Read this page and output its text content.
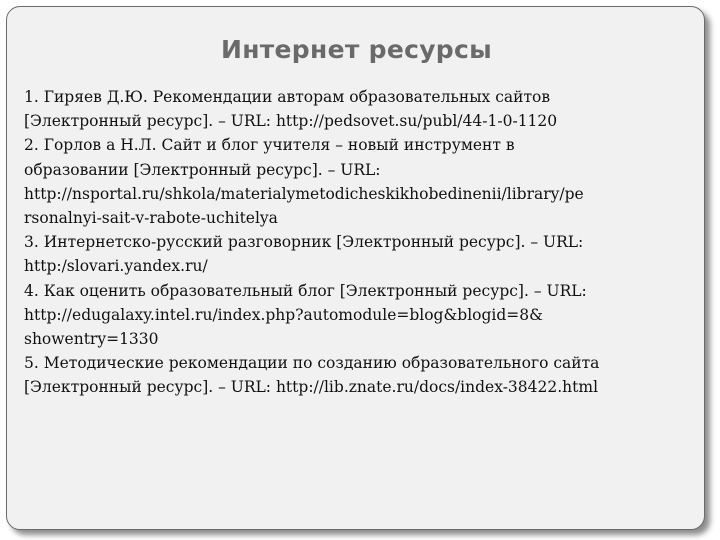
Интернет ресурсы
1. Гиряев Д.Ю. Рекомендации авторам образовательных сайтов
[Электронный ресурс]. – URL: http://pedsovet.su/publ/44-1-0-1120
2. Горлов а Н.Л. Сайт и блог учителя – новый инструмент в
образовании [Электронный ресурс]. – URL:
http://nsportal.ru/shkola/materialymetodicheskikhobedinenii/library/pe
rsonalnyi-sait-v-rabote-uchitelya
3. Интернетско-русский разговорник [Электронный ресурс]. – URL:
http:/slovari.yandex.ru/
4. Как оценить образовательный блог [Электронный ресурс]. – URL:
http://edugalaxy.intel.ru/index.php?automodule=blog&blogid=8&
showentry=1330
5. Методические рекомендации по созданию образовательного сайта
[Электронный ресурс]. – URL: http://lib.znate.ru/docs/index-38422.html
